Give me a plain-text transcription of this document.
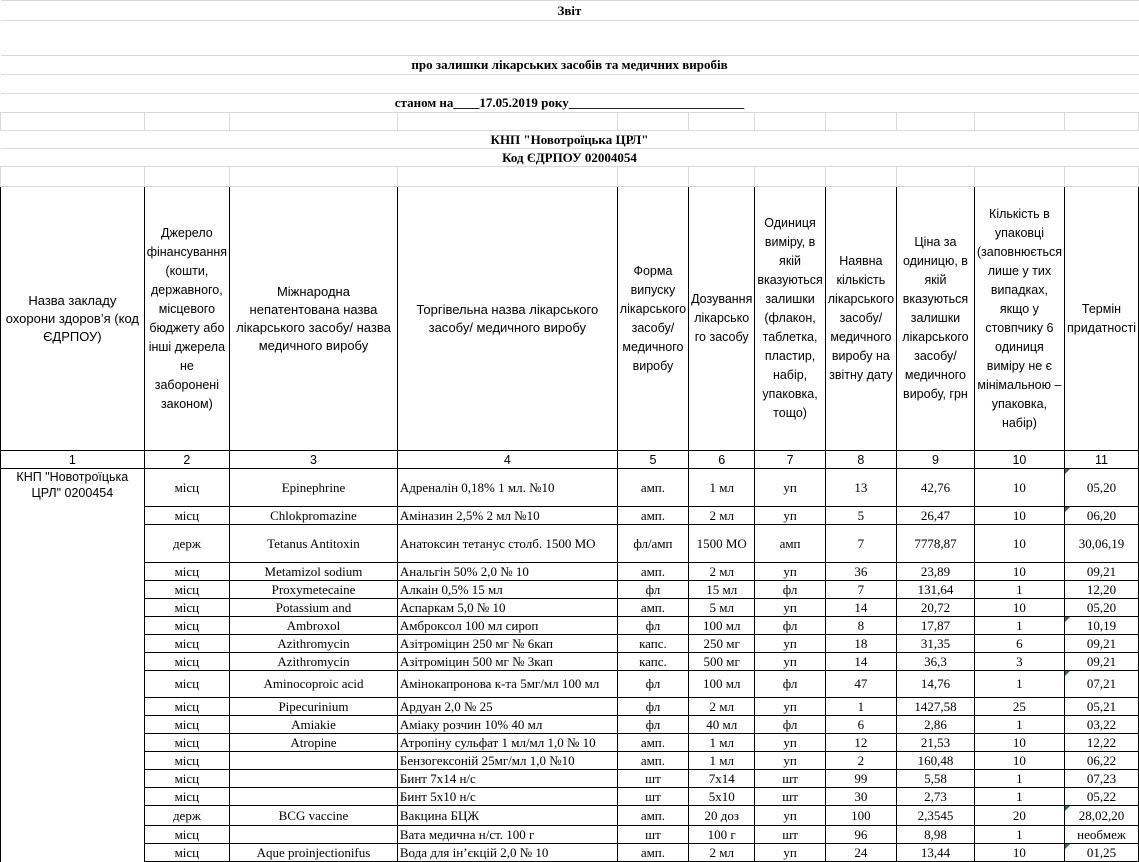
Звіт										

про залишки лікарських засобів та медичних виробів										

станом на____17.05.2019 року___________________________										

КНП "Новотроїцька ЦРЛ"										
Код ЄДРПОУ 02004054										

Назва закладу охорони здоров’я (код ЄДРПОУ)	Джерело фінансування (кошти, державного, місцевого бюджету або інші джерела не заборонені законом)	Міжнародна непатентована назва лікарського засобу/ назва медичного виробу	Торгівельна назва лікарського засобу/ медичного виробу	Форма випуску лікарського засобу/ медичного виробу	Дозування лікарсько го засобу	Одиниця виміру, в якій вказуються залишки (флакон, таблетка, пластир, набір, упаковка, тощо)	Наявна кількість лікарського засобу/медичного виробу на звітну дату	Ціна за одиницю, в якій вказуються залишки лікарського засобу/медичного виробу, грн	Кількість в упаковці (заповнюється лише у тих випадках, якщо у стовпчику 6 одиниця виміру не є мінімальною – упаковка, набір)	Термін придатності
1	2	3	4	5	6	7	8	9	10	11
КНП "Новотроїцька ЦРЛ" 0200454	місц	Epinephrine	Адреналін 0,18% 1 мл. №10	амп.	1 мл	уп	13	42,76	10	05,20
	місц	Chlokpromazine	Аміназин 2,5% 2 мл №10	амп.	2 мл	уп	5	26,47	10	06,20
	держ	Tetanus Antitoxin	Анатоксин тетанус столб. 1500 МО	фл/амп	1500 МО	амп	7	7778,87	10	30,06,19
	місц	Metamizol sodium	Анальгін 50% 2,0 № 10	амп.	2 мл	уп	36	23,89	10	09,21
	місц	Proxymetecaine	Алкаін 0,5% 15 мл	фл	15 мл	фл	7	131,64	1	12,20
	місц	Potassium and	Аспаркам 5,0 № 10	амп.	5 мл	уп	14	20,72	10	05,20
	місц	Ambroxol	Амброксол 100 мл сироп	фл	100 мл	фл	8	17,87	1	10,19
	місц	Azithromycin	Азітроміцин 250 мг № 6кап	капс.	250 мг	уп	18	31,35	6	09,21
	місц	Azithromycin	Азітроміцин 500 мг № 3кап	капс.	500 мг	уп	14	36,3	3	09,21
	місц	Aminocoproic acid	Амінокапронова к-та 5мг/мл 100 мл	фл	100 мл	фл	47	14,76	1	07,21
	місц	Pipecurinium	Ардуан 2,0 № 25	фл	2 мл	уп	1	1427,58	25	05,21
	місц	Amiakie	Аміаку розчин 10% 40 мл	фл	40 мл	фл	6	2,86	1	03,22
	місц	Atropine	Атропіну сульфат 1 мл/мл 1,0 № 10	амп.	1 мл	уп	12	21,53	10	12,22
	місц		Бензогексоній 25мг/мл 1,0 №10	амп.	1 мл	уп	2	160,48	10	06,22
	місц		Бинт 7х14 н/с	шт	7х14	шт	99	5,58	1	07,23
	місц		Бинт 5х10 н/с	шт	5х10	шт	30	2,73	1	05,22
	держ	BCG vaccine	Вакцина БЦЖ	амп.	20 доз	уп	100	2,3545	20	28,02,20
	місц		Вата медична н/ст. 100 г	шт	100 г	шт	96	8,98	1	необмеж
	місц	Aque proinjectionifus	Вода для ін’єкцій 2,0 № 10	амп.	2 мл	уп	24	13,44	10	01,25
